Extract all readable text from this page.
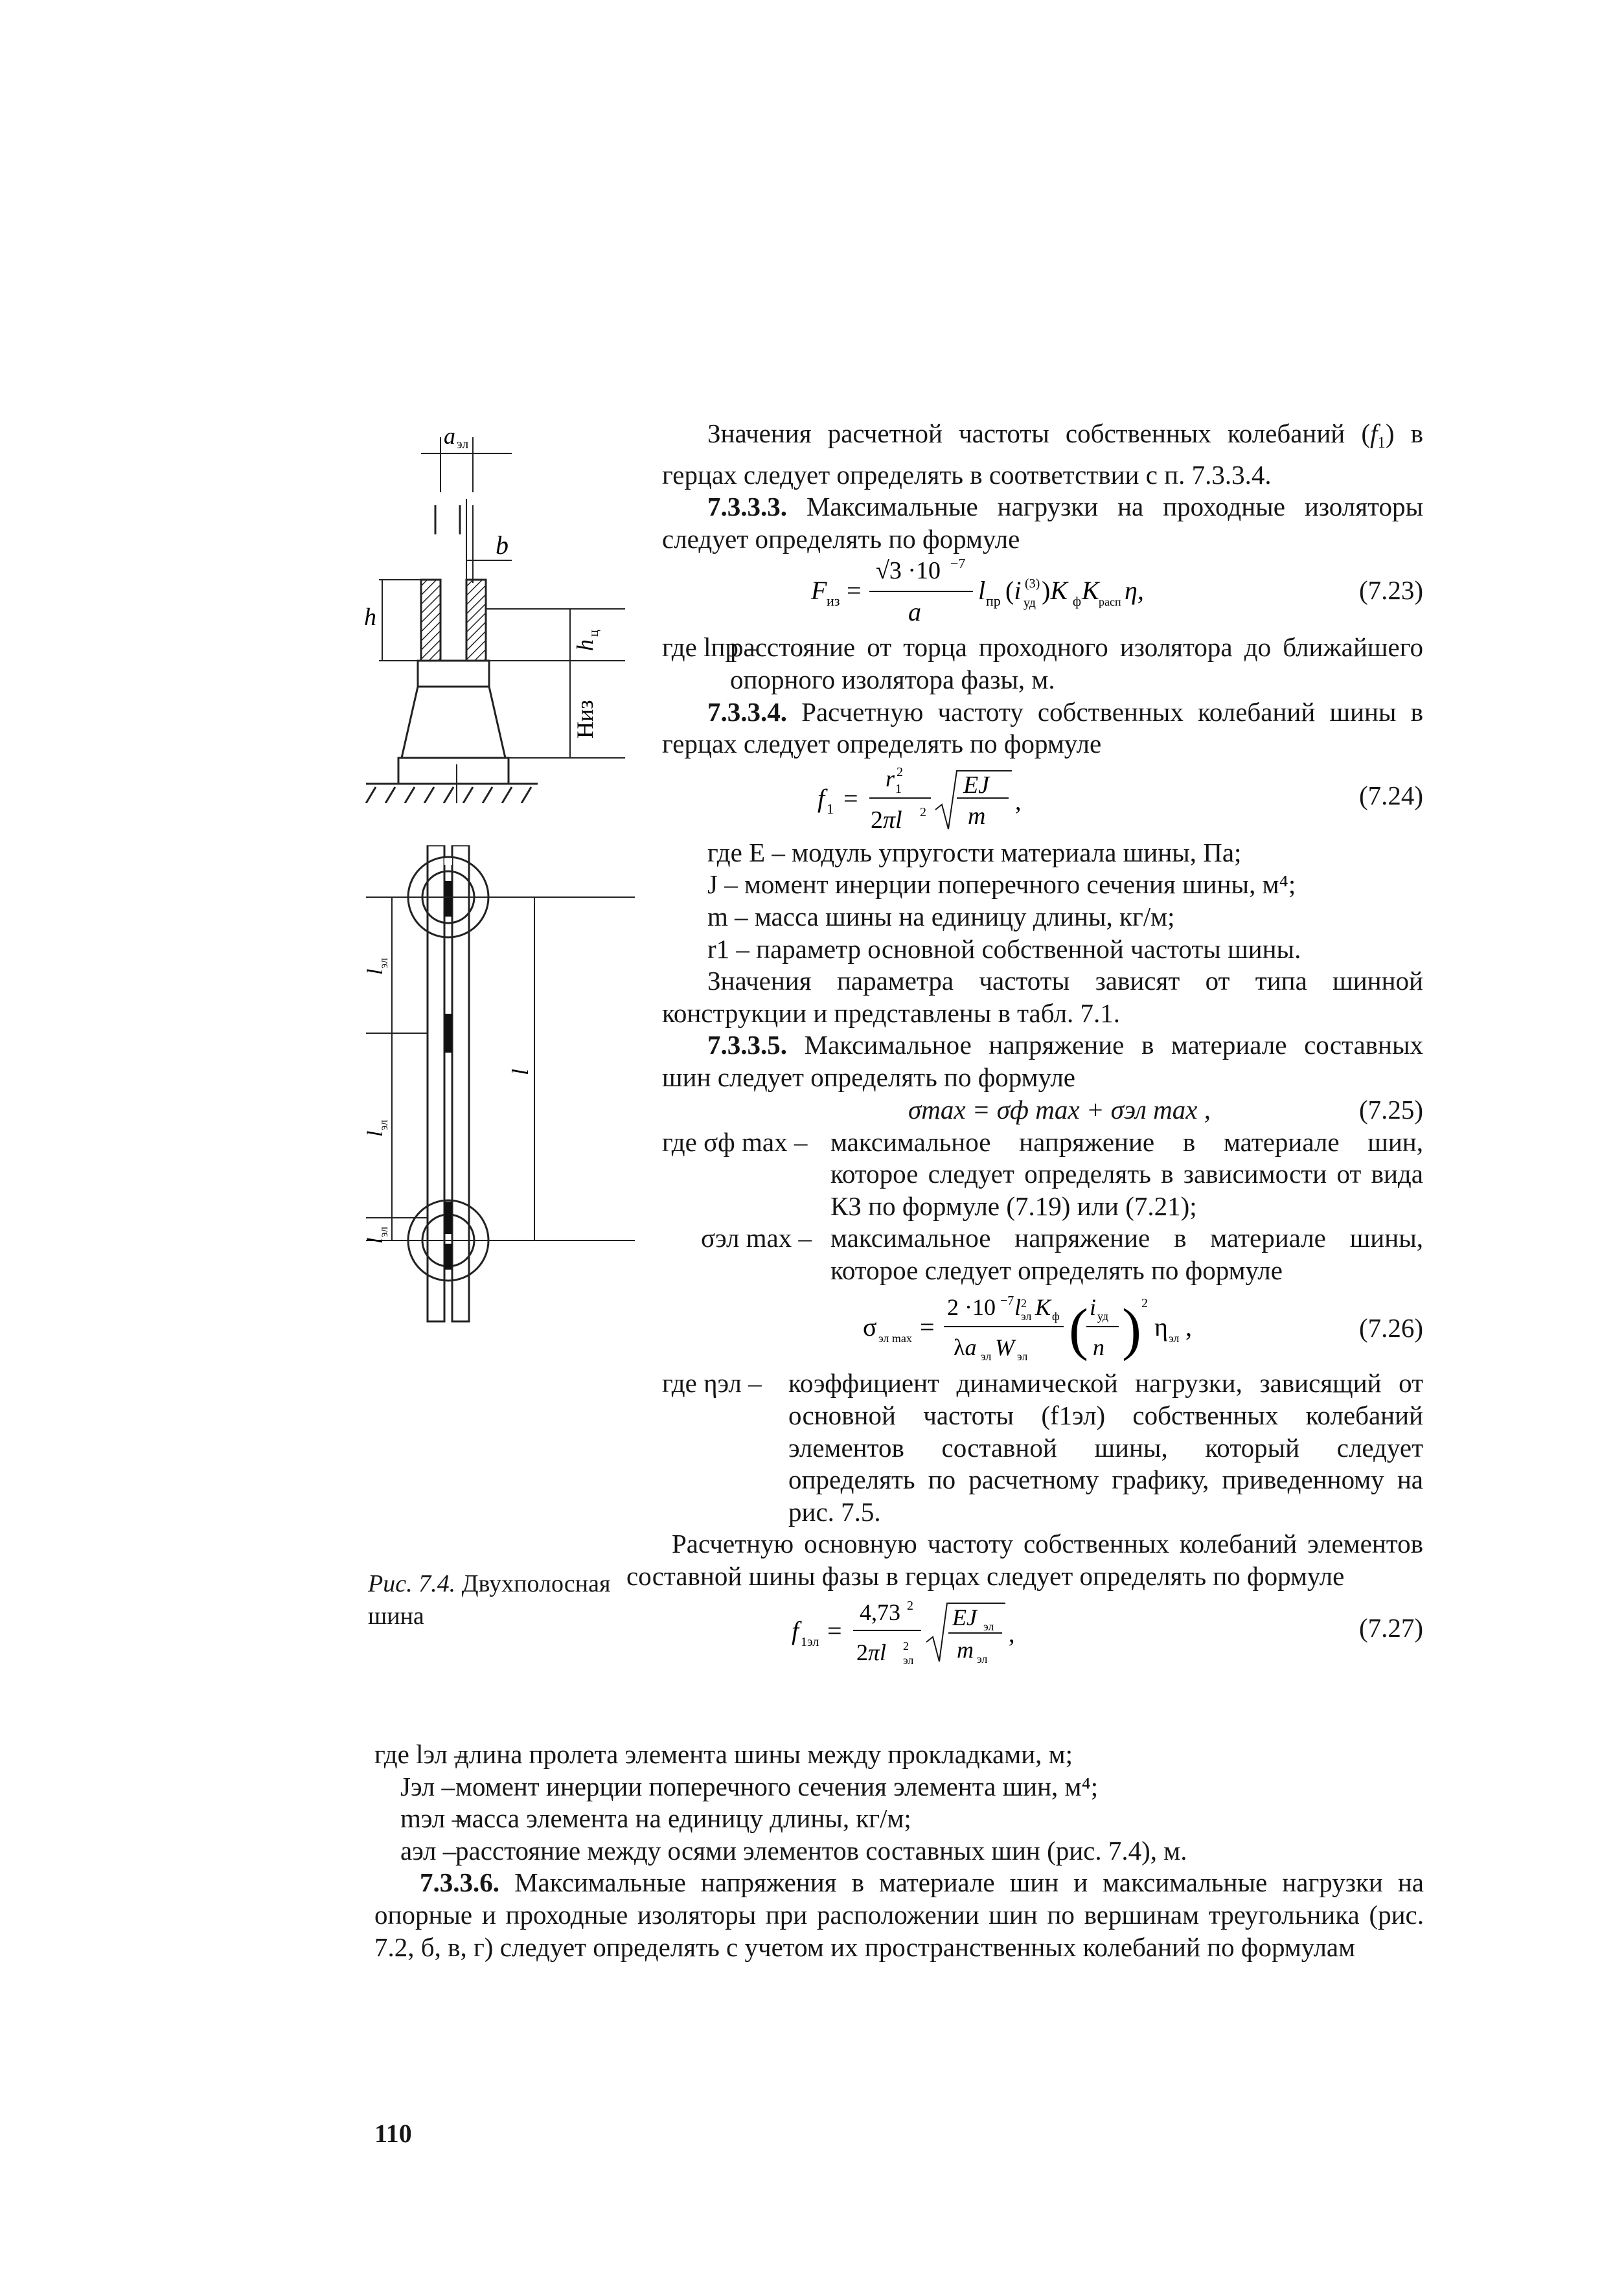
a эл
b
h
h
ц
Низ
l
эл
l
эл
l
эл
l
Рис. 7.4. Двухполосная шина

Значения расчетной частоты собственных колебаний $(f_1)$ в герцах следует определять в соответствии с п. 7.3.3.4.

7.3.3.3. Максимальные нагрузки на проходные изоляторы следует определять по формуле

F из =
√3 ·10 −7
a
l пр (i (3)
уд )K ф K расп η,	(7.23)

где lпр –
расстояние от торца проходного изолятора до ближайшего опорного изолятора фазы, м.

7.3.3.4. Расчетную частоту собственных колебаний шины в герцах следует определять по формуле

f 1 =
r 1
2
2πl 2
EJ
m
,	(7.24)

где E – модуль упругости материала шины, Па;

J – момент инерции поперечного сечения шины, м⁴;

m – масса шины на единицу длины, кг/м;

r1 – параметр основной собственной частоты шины.

Значения параметра частоты зависят от типа шинной конструкции и представлены в табл. 7.1.

7.3.3.5. Максимальное напряжение в материале составных шин следует определять по формуле

σmax = σф max + σэл max ,	(7.25)

где σф max – максимальное напряжение в материале шин, которое следует определять в зависимости от вида КЗ по формуле (7.19) или (7.21);

σэл max – максимальное напряжение в материале шины, которое следует определять по формуле

σ эл max =
2 ·10 −7 l 2
эл K ф
λa эл W эл ( i уд
n ) 2
η эл ,	(7.26)

где ηэл – коэффициент динамической нагрузки, зависящий от основной частоты (f1эл) собственных колебаний элементов составной шины, который следует определять по расчетному графику, приведенному на рис. 7.5.

Расчетную основную частоту собственных колебаний элементов составной шины фазы в герцах следует определять по формуле

f 1эл =
4,73 2
2πl 2
эл
EJ эл
m эл
,	(7.27)

где lэл –
длина пролета элемента шины между прокладками, м;

Jэл – момент инерции поперечного сечения элемента шин, м⁴;

mэл –
масса элемента на единицу длины, кг/м;

aэл –
расстояние между осями элементов составных шин (рис. 7.4), м.

7.3.3.6. Максимальные напряжения в материале шин и максимальные нагрузки на опорные и проходные изоляторы при расположении шин по вершинам треугольника (рис. 7.2, б, в, г) следует определять с учетом их пространственных колебаний по формулам

110
